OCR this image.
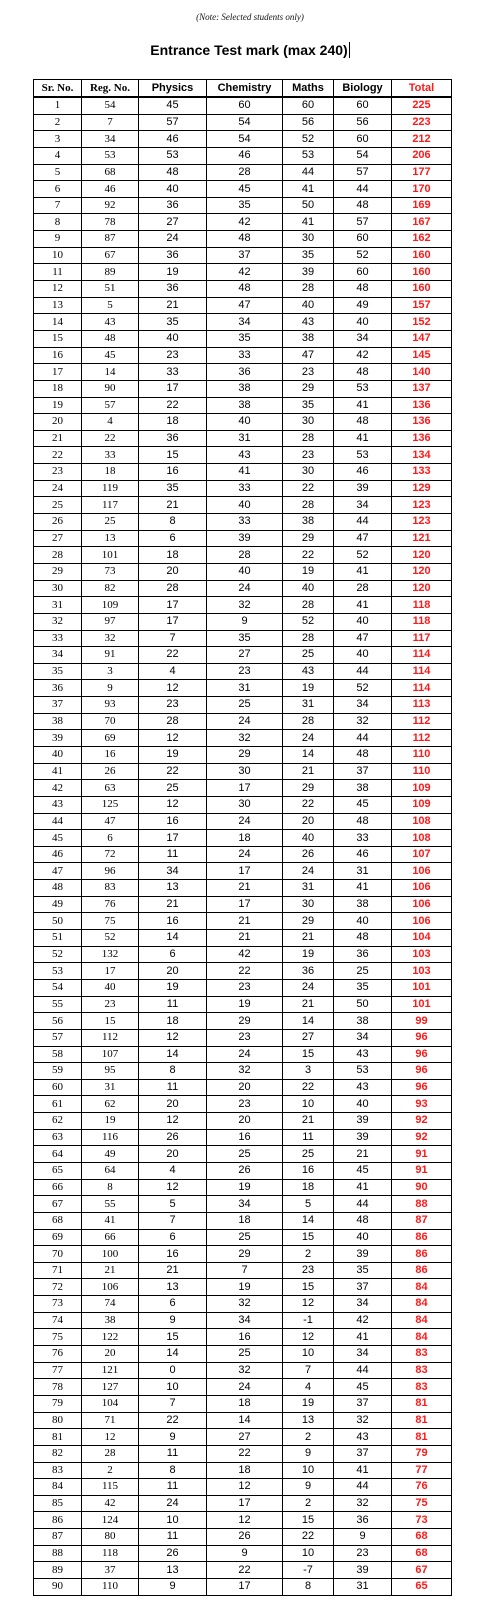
(Note: Selected students only)
Entrance Test mark (max 240)
Sr. No.	Reg. No.	Physics	Chemistry	Maths	Biology	Total
1	54	45	60	60	60	225
2	7	57	54	56	56	223
3	34	46	54	52	60	212
4	53	53	46	53	54	206
5	68	48	28	44	57	177
6	46	40	45	41	44	170
7	92	36	35	50	48	169
8	78	27	42	41	57	167
9	87	24	48	30	60	162
10	67	36	37	35	52	160
11	89	19	42	39	60	160
12	51	36	48	28	48	160
13	5	21	47	40	49	157
14	43	35	34	43	40	152
15	48	40	35	38	34	147
16	45	23	33	47	42	145
17	14	33	36	23	48	140
18	90	17	38	29	53	137
19	57	22	38	35	41	136
20	4	18	40	30	48	136
21	22	36	31	28	41	136
22	33	15	43	23	53	134
23	18	16	41	30	46	133
24	119	35	33	22	39	129
25	117	21	40	28	34	123
26	25	8	33	38	44	123
27	13	6	39	29	47	121
28	101	18	28	22	52	120
29	73	20	40	19	41	120
30	82	28	24	40	28	120
31	109	17	32	28	41	118
32	97	17	9	52	40	118
33	32	7	35	28	47	117
34	91	22	27	25	40	114
35	3	4	23	43	44	114
36	9	12	31	19	52	114
37	93	23	25	31	34	113
38	70	28	24	28	32	112
39	69	12	32	24	44	112
40	16	19	29	14	48	110
41	26	22	30	21	37	110
42	63	25	17	29	38	109
43	125	12	30	22	45	109
44	47	16	24	20	48	108
45	6	17	18	40	33	108
46	72	11	24	26	46	107
47	96	34	17	24	31	106
48	83	13	21	31	41	106
49	76	21	17	30	38	106
50	75	16	21	29	40	106
51	52	14	21	21	48	104
52	132	6	42	19	36	103
53	17	20	22	36	25	103
54	40	19	23	24	35	101
55	23	11	19	21	50	101
56	15	18	29	14	38	99
57	112	12	23	27	34	96
58	107	14	24	15	43	96
59	95	8	32	3	53	96
60	31	11	20	22	43	96
61	62	20	23	10	40	93
62	19	12	20	21	39	92
63	116	26	16	11	39	92
64	49	20	25	25	21	91
65	64	4	26	16	45	91
66	8	12	19	18	41	90
67	55	5	34	5	44	88
68	41	7	18	14	48	87
69	66	6	25	15	40	86
70	100	16	29	2	39	86
71	21	21	7	23	35	86
72	106	13	19	15	37	84
73	74	6	32	12	34	84
74	38	9	34	-1	42	84
75	122	15	16	12	41	84
76	20	14	25	10	34	83
77	121	0	32	7	44	83
78	127	10	24	4	45	83
79	104	7	18	19	37	81
80	71	22	14	13	32	81
81	12	9	27	2	43	81
82	28	11	22	9	37	79
83	2	8	18	10	41	77
84	115	11	12	9	44	76
85	42	24	17	2	32	75
86	124	10	12	15	36	73
87	80	11	26	22	9	68
88	118	26	9	10	23	68
89	37	13	22	-7	39	67
90	110	9	17	8	31	65
